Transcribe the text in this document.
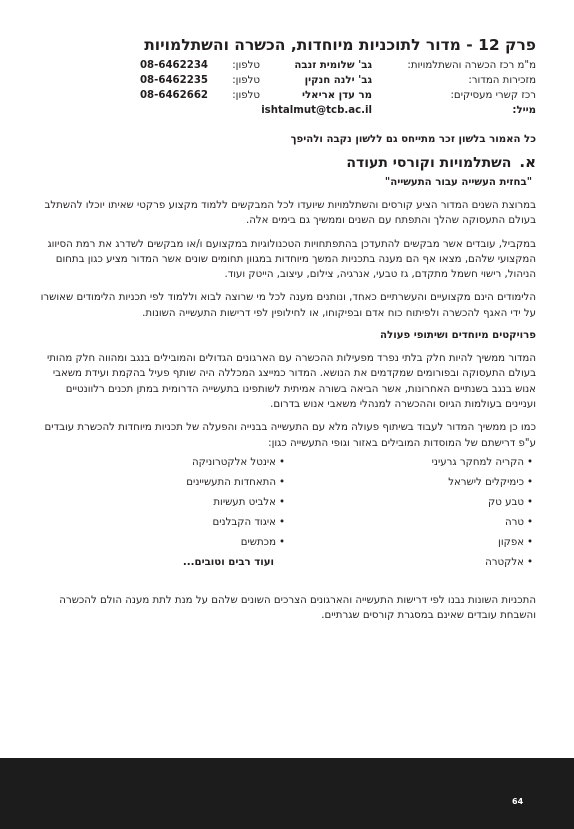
פרק 12 - מדור לתוכניות מיוחדות, הכשרה והשתלמויות
מ"מ רכז הכשרה והשתלמויות:
גב' שלומית זנבה
טלפון:
08-6462234
מזכירות המדור:
גב' ילנה חנקין
טלפון:
08-6462235
רכז קשרי מעסיקים:
מר עדן אריאלי
טלפון:
08-6462662
מייל:
ishtalmut@tcb.ac.il
כל האמור בלשון זכר מתייחס גם ללשון נקבה ולהיפך
א.
השתלמויות וקורסי תעודה
"בחזית העשייה עבור התעשייה"

במרוצת השנים המדור הציע קורסים והשתלמויות שיועדו לכל המבקשים ללמוד מקצוע פרקטי שאיתו יוכלו להשתלב בעולם התעסוקה שהלך והתפתח עם השנים וממשיך גם בימים אלה.

במקביל, עובדים אשר מבקשים להתעדכן בהתפתחויות הטכנולוגיות במקצועם ו/או מבקשים לשדרג את רמת הסיווג המקצועי שלהם, מצאו אף הם מענה בתכניות המשך מיוחדות במגוון תחומים שונים אשר המדור מציע כגון בתחום הניהול, רישוי חשמל מתקדם, גז טבעי, אנרגיה, צילום, עיצוב, הייטק ועוד.

הלימודים הינם מקצועיים והעשרתיים כאחד, ונותנים מענה לכל מי שרוצה לבוא וללמוד לפי תכניות הלימודים שאושרו על ידי האגף להכשרה ולפיתוח כוח אדם ובפיקוחו, או לחילופין לפי דרישות התעשייה השונות.

פרויקטים מיוחדים ושיתופי פעולה

המדור ממשיך להיות חלק בלתי נפרד מפעילות ההכשרה עם הארגונים הגדולים והמובילים בנגב ומהווה חלק מהותי בעולם התעסוקה ובפורומים שמקדמים את הנושא. המדור כמייצג המכללה היה שותף פעיל בהקמת ועידת משאבי אנוש בנגב בשנתיים האחרונות, אשר הביאה בשורה אמיתית לשותפינו בתעשייה הדרומית במתן תכנים רלוונטיים ועניינים בעולמות הגיוס וההכשרה למנהלי משאבי אנוש בדרום.

כמו כן ממשיך המדור לעבוד בשיתוף פעולה מלא עם התעשייה בבנייה והפעלה של תכניות מיוחדות להכשרת עובדים ע"פ דרישתם של המוסדות המובילים באזור וגופי התעשייה כגון:

•הקריה למחקר גרעיני
•כימיקלים לישראל
•טבע טק
•טרה
•אפקון
•אלקטרה
•אינטל אלקטרוניקה
•התאחדות התעשיינים
•אלביט תעשיות
•איגוד הקבלנים
•מכתשים
ועוד רבים וטובים...

התכניות השונות נבנו לפי דרישות התעשייה והארגונים הצרכים השונים שלהם על מנת לתת מענה הולם להכשרה והשבחת עובדים שאינם במסגרת קורסים שגרתיים.

64
